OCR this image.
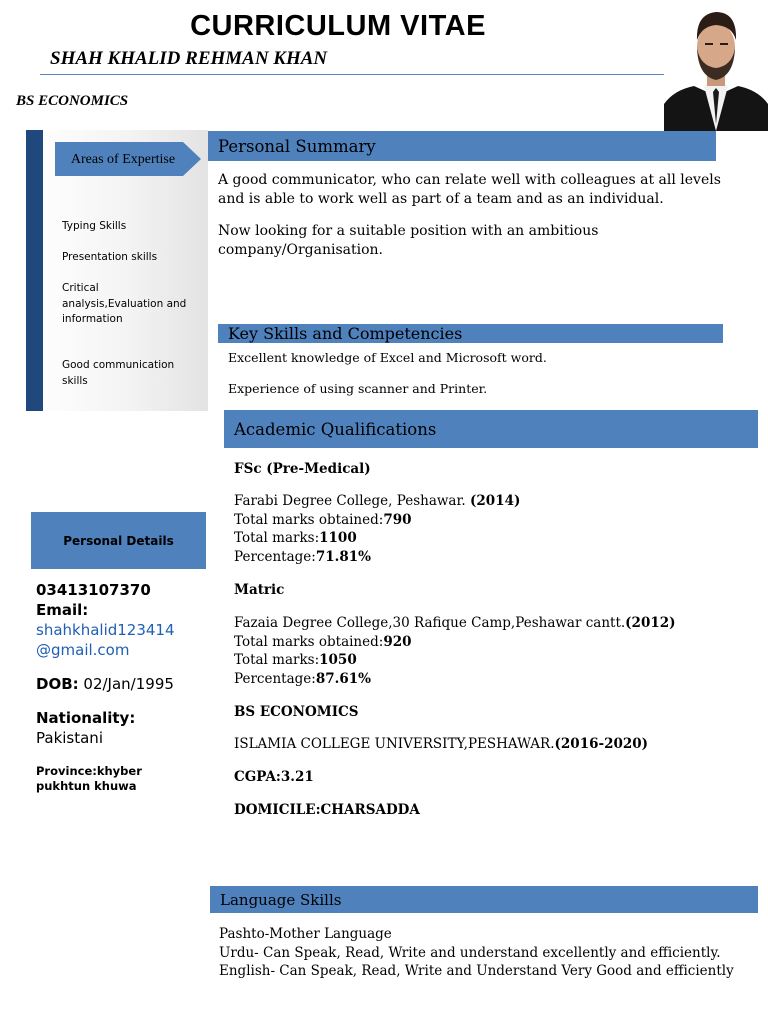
CURRICULUM VITAE
SHAH KHALID REHMAN KHAN
BS ECONOMICS
Areas of Expertise
Typing Skills
Presentation skills
Critical analysis,Evaluation and information
Good communication skills
Personal Summary
A good communicator, who can relate well with colleagues at all levels and is able to work well as part of a team and as an individual.
Now looking for a suitable position with an ambitious company/Organisation.
Key Skills and Competencies
Excellent knowledge of Excel and Microsoft word.
Experience of using scanner and Printer.
Academic Qualifications
FSc (Pre-Medical)
Farabi Degree College, Peshawar. (2014)
Total marks obtained:790
Total marks:1100
Percentage:71.81%
Matric
Fazaia Degree College,30 Rafique Camp,Peshawar cantt.(2012)
Total marks obtained:920
Total marks:1050
Percentage:87.61%
BS ECONOMICS
ISLAMIA COLLEGE UNIVERSITY,PESHAWAR.(2016-2020)
CGPA:3.21
DOMICILE:CHARSADDA
Personal Details
03413107370
Email:
shahkhalid123414
@gmail.com
DOB: 02/Jan/1995
Nationality:
Pakistani
Province:khyber
pukhtun khuwa
Language Skills
Pashto-Mother Language
Urdu- Can Speak, Read, Write and understand excellently and efficiently.
English- Can Speak, Read, Write and Understand Very Good and efficiently
